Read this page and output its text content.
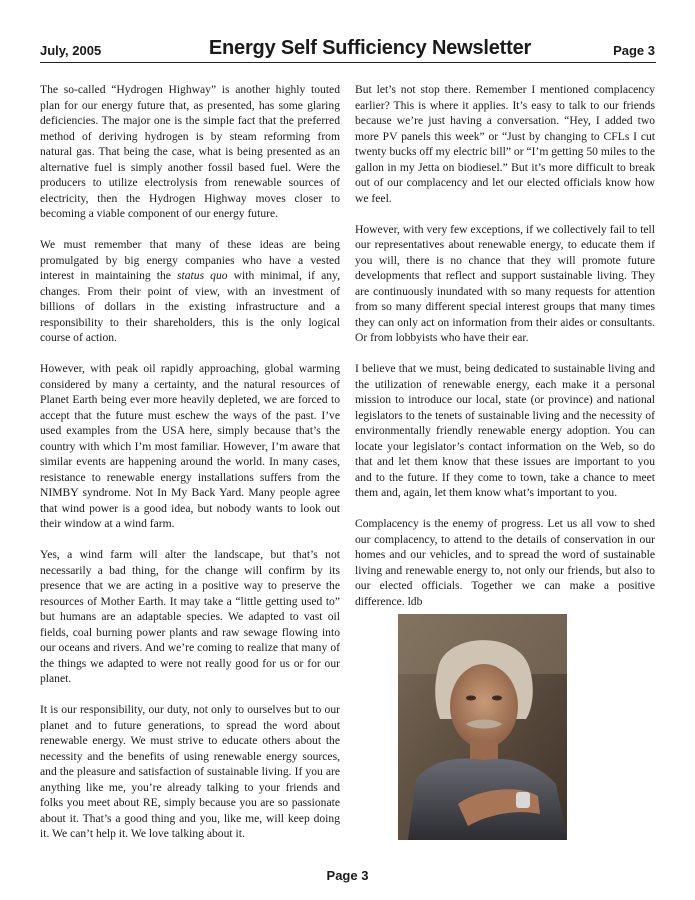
July, 2005	Energy Self Sufficiency Newsletter	Page 3

The so-called “Hydrogen Highway” is another highly touted plan for our energy future that, as presented, has some glaring deficiencies. The major one is the simple fact that the preferred method of deriving hydrogen is by steam reforming from natural gas. That being the case, what is being presented as an alternative fuel is simply another fossil based fuel. Were the producers to utilize electrolysis from renewable sources of electricity, then the Hydrogen Highway moves closer to becoming a viable component of our energy future.

We must remember that many of these ideas are being promulgated by big energy companies who have a vested interest in maintaining the status quo with minimal, if any, changes. From their point of view, with an investment of billions of dollars in the existing infrastructure and a responsibility to their shareholders, this is the only logical course of action.

However, with peak oil rapidly approaching, global warming considered by many a certainty, and the natural resources of Planet Earth being ever more heavily depleted, we are forced to accept that the future must eschew the ways of the past. I’ve used examples from the USA here, simply because that’s the country with which I’m most familiar. However, I’m aware that similar events are happening around the world. In many cases, resistance to renewable energy installations suffers from the NIMBY syndrome. Not In My Back Yard. Many people agree that wind power is a good idea, but nobody wants to look out their window at a wind farm.

Yes, a wind farm will alter the landscape, but that’s not necessarily a bad thing, for the change will confirm by its presence that we are acting in a positive way to preserve the resources of Mother Earth. It may take a “little getting used to” but humans are an adaptable species. We adapted to vast oil fields, coal burning power plants and raw sewage flowing into our oceans and rivers. And we’re coming to realize that many of the things we adapted to were not really good for us or for our planet.

It is our responsibility, our duty, not only to ourselves but to our planet and to future generations, to spread the word about renewable energy. We must strive to educate others about the necessity and the benefits of using renewable energy sources, and the pleasure and satisfaction of sustainable living. If you are anything like me, you’re already talking to your friends and folks you meet about RE, simply because you are so passionate about it. That’s a good thing and you, like me, will keep doing it. We can’t help it. We love talking about it.

But let’s not stop there. Remember I mentioned complacency earlier? This is where it applies. It’s easy to talk to our friends because we’re just having a conversation. “Hey, I added two more PV panels this week” or “Just by changing to CFLs I cut twenty bucks off my electric bill” or “I’m getting 50 miles to the gallon in my Jetta on biodiesel.” But it’s more difficult to break out of our complacency and let our elected officials know how we feel.

However, with very few exceptions, if we collectively fail to tell our representatives about renewable energy, to educate them if you will, there is no chance that they will promote future developments that reflect and support sustainable living. They are continuously inundated with so many requests for attention from so many different special interest groups that many times they can only act on information from their aides or consultants. Or from lobbyists who have their ear.

I believe that we must, being dedicated to sustainable living and the utilization of renewable energy, each make it a personal mission to introduce our local, state (or province) and national legislators to the tenets of sustainable living and the necessity of environmentally friendly renewable energy adoption. You can locate your legislator’s contact information on the Web, so do that and let them know that these issues are important to you and to the future. If they come to town, take a chance to meet them and, again, let them know what’s important to you.

Complacency is the enemy of progress. Let us all vow to shed our complacency, to attend to the details of conservation in our homes and our vehicles, and to spread the word of sustainable living and renewable energy to, not only our friends, but also to our elected officials. Together we can make a positive difference. ldb

Page 3
